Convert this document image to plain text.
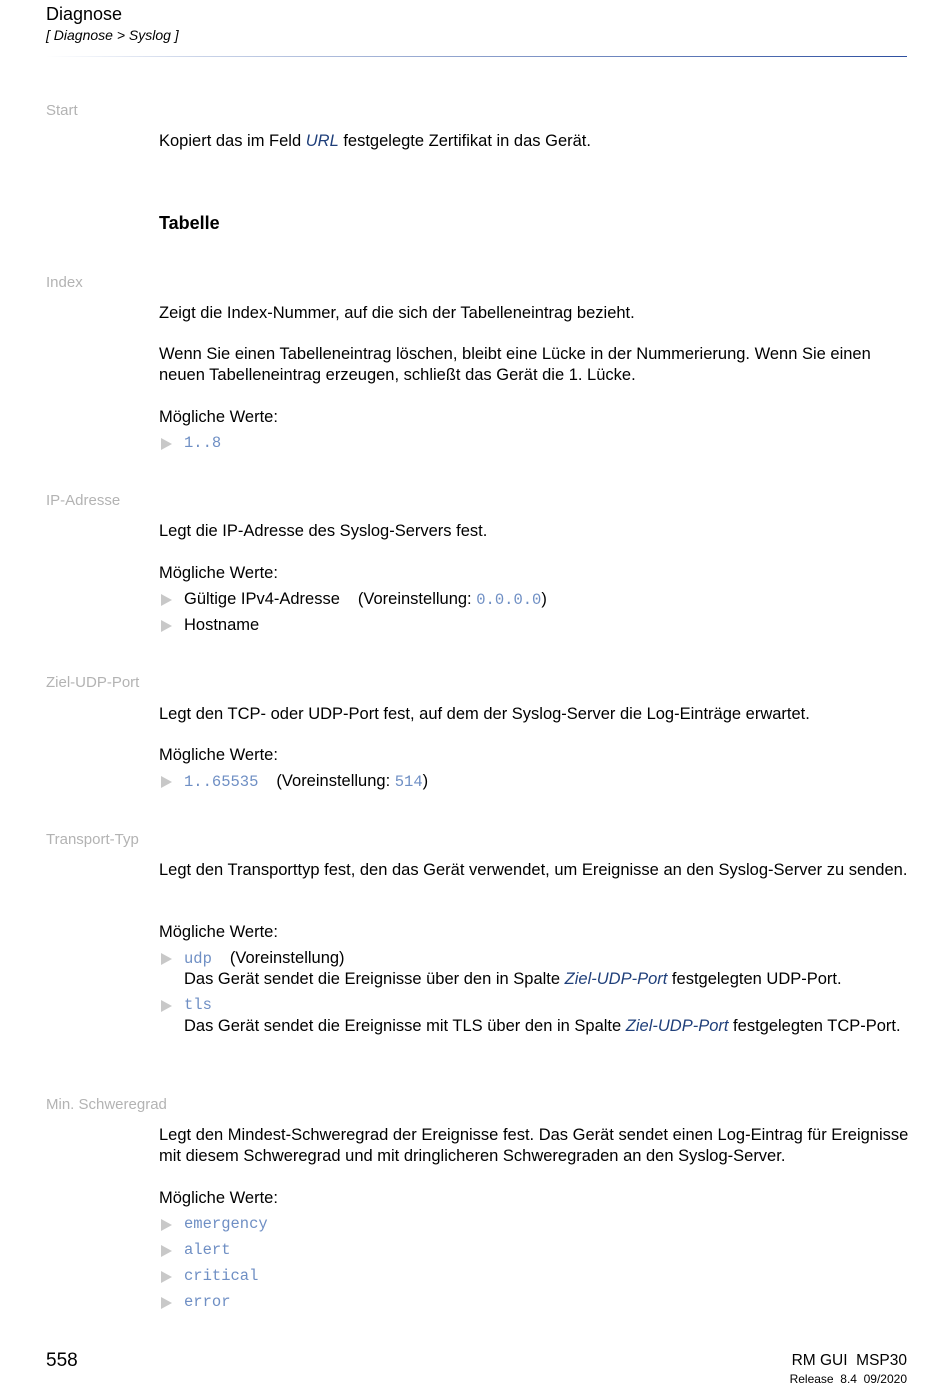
Diagnose
[ Diagnose > Syslog ]
Start
Kopiert das im Feld URL festgelegte Zertifikat in das Gerät.
Tabelle
Index
Zeigt die Index-Nummer, auf die sich der Tabelleneintrag bezieht.
Wenn Sie einen Tabelleneintrag löschen, bleibt eine Lücke in der Nummerierung. Wenn Sie einen neuen Tabelleneintrag erzeugen, schließt das Gerät die 1. Lücke.
Mögliche Werte:
1..8
IP-Adresse
Legt die IP-Adresse des Syslog-Servers fest.
Mögliche Werte:
Gültige IPv4-Adresse (Voreinstellung: 0.0.0.0)
Hostname
Ziel-UDP-Port
Legt den TCP- oder UDP-Port fest, auf dem der Syslog-Server die Log-Einträge erwartet.
Mögliche Werte:
1..65535 (Voreinstellung: 514)
Transport-Typ
Legt den Transporttyp fest, den das Gerät verwendet, um Ereignisse an den Syslog-Server zu senden.
Mögliche Werte:
udp (Voreinstellung)
Das Gerät sendet die Ereignisse über den in Spalte Ziel-UDP-Port festgelegten UDP-Port.
tls
Das Gerät sendet die Ereignisse mit TLS über den in Spalte Ziel-UDP-Port festgelegten TCP-Port.
Min. Schweregrad
Legt den Mindest-Schweregrad der Ereignisse fest. Das Gerät sendet einen Log-Eintrag für Ereignisse mit diesem Schweregrad und mit dringlicheren Schweregraden an den Syslog-Server.
Mögliche Werte:
emergency
alert
critical
error
558	RM GUI  MSP30
Release  8.4  09/2020
